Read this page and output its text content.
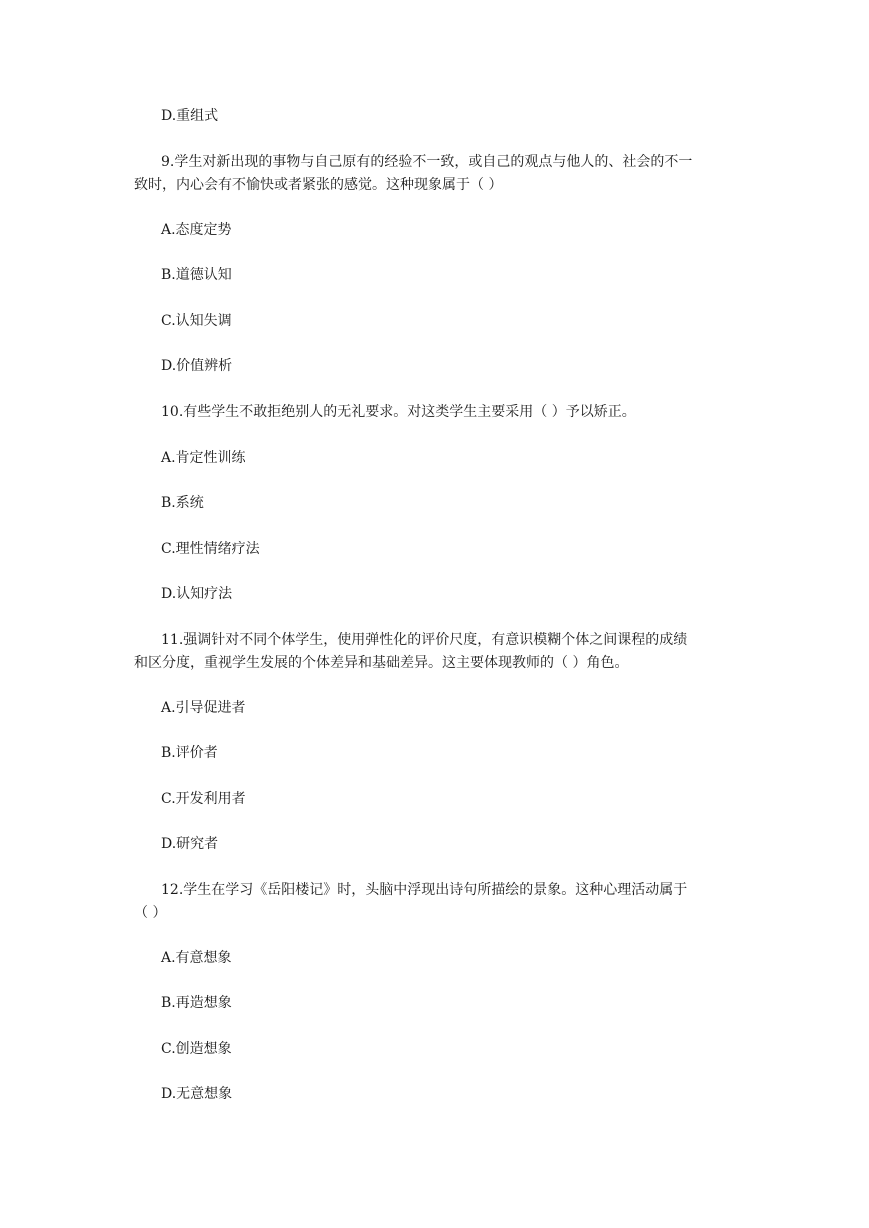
D.重组式

9.学生对新出现的事物与自己原有的经验不一致，或自己的观点与他人的、社会的不一

致时，内心会有不愉快或者紧张的感觉。这种现象属于（ ）

A.态度定势

B.道德认知

C.认知失调

D.价值辨析

10.有些学生不敢拒绝别人的无礼要求。对这类学生主要采用（ ）予以矫正。

A.肯定性训练

B.系统

C.理性情绪疗法

D.认知疗法

11.强调针对不同个体学生，使用弹性化的评价尺度，有意识模糊个体之间课程的成绩

和区分度，重视学生发展的个体差异和基础差异。这主要体现教师的（ ）角色。

A.引导促进者

B.评价者

C.开发利用者

D.研究者

12.学生在学习《岳阳楼记》时，头脑中浮现出诗句所描绘的景象。这种心理活动属于

（ ）

A.有意想象

B.再造想象

C.创造想象

D.无意想象
